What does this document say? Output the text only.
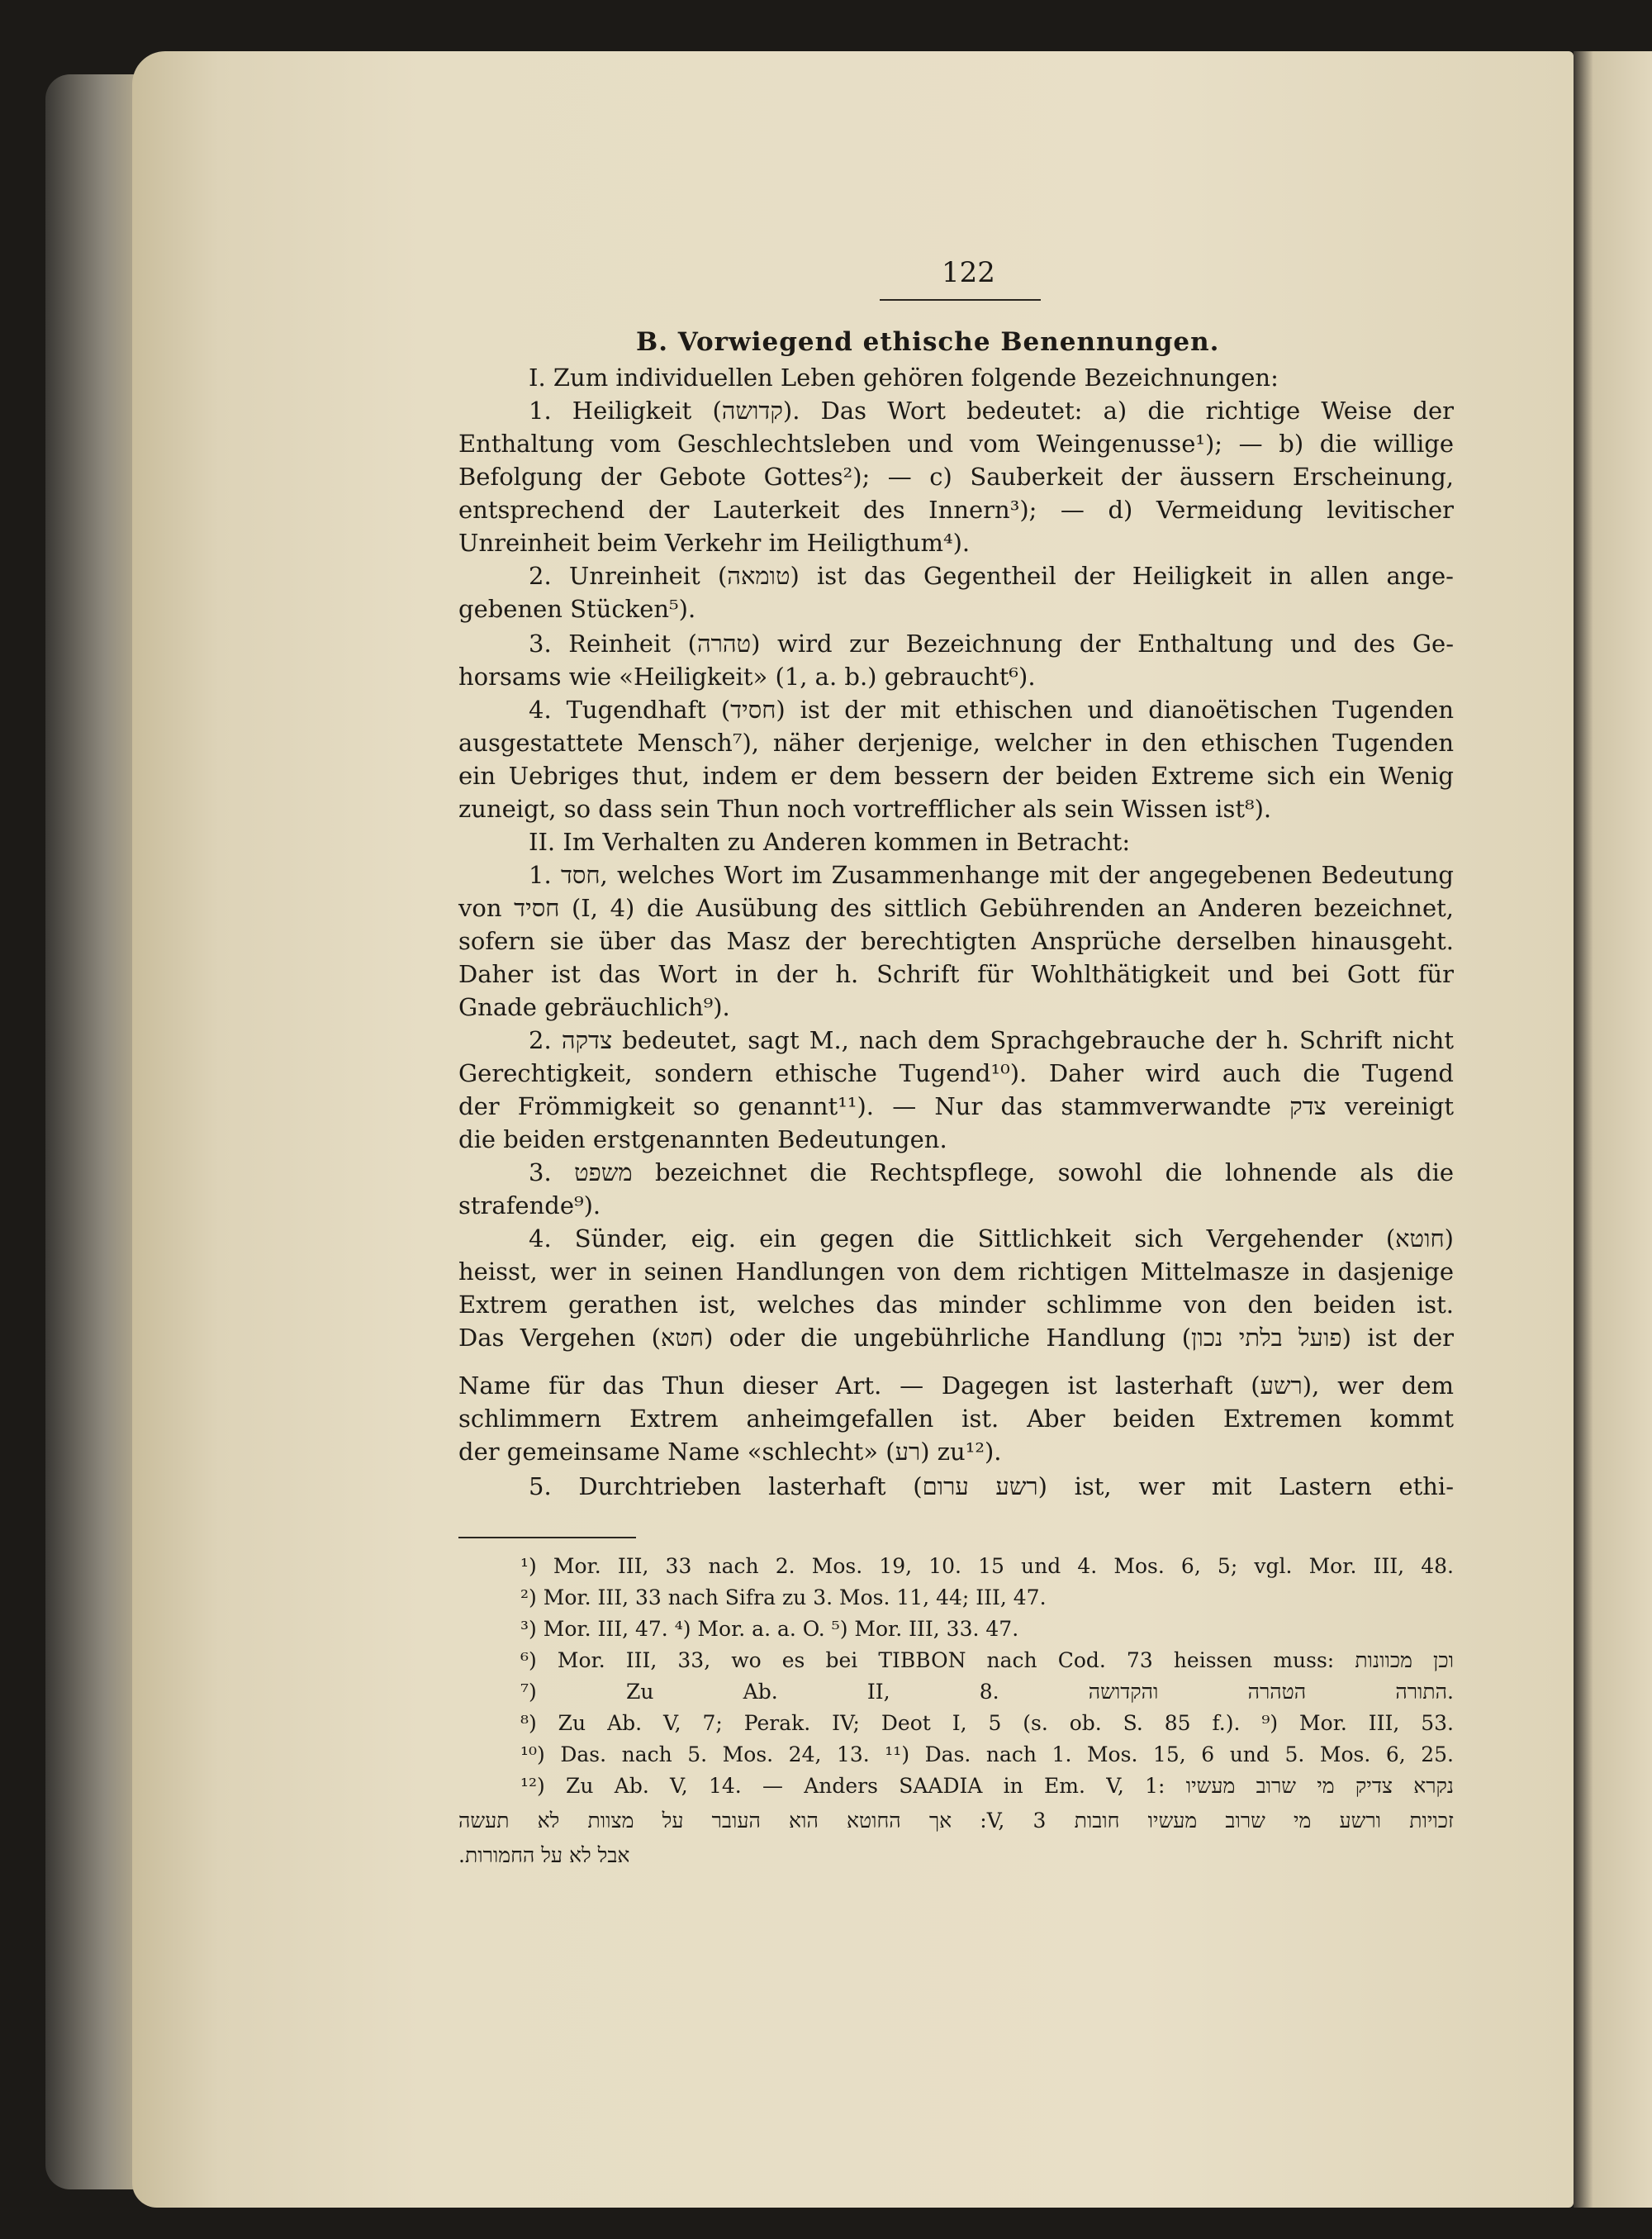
122
B. Vorwiegend ethische Benennungen.
I. Zum individuellen Leben gehören folgende Bezeichnungen:
1. Heiligkeit (קדושה). Das Wort bedeutet: a) die richtige Weise der
Enthaltung vom Geschlechtsleben und vom Weingenusse¹); — b) die willige
Befolgung der Gebote Gottes²); — c) Sauberkeit der äussern Erscheinung,
entsprechend der Lauterkeit des Innern³); — d) Vermeidung levitischer
Unreinheit beim Verkehr im Heiligthum⁴).
2. Unreinheit (טומאה) ist das Gegentheil der Heiligkeit in allen ange-
gebenen Stücken⁵).
3. Reinheit (טהרה) wird zur Bezeichnung der Enthaltung und des Ge-
horsams wie «Heiligkeit» (1, a. b.) gebraucht⁶).
4. Tugendhaft (חסיד) ist der mit ethischen und dianoëtischen Tugenden
ausgestattete Mensch⁷), näher derjenige, welcher in den ethischen Tugenden
ein Uebriges thut, indem er dem bessern der beiden Extreme sich ein Wenig
zuneigt, so dass sein Thun noch vortrefflicher als sein Wissen ist⁸).
II. Im Verhalten zu Anderen kommen in Betracht:
1. חסד, welches Wort im Zusammenhange mit der angegebenen Bedeutung
von חסיד (I, 4) die Ausübung des sittlich Gebührenden an Anderen bezeichnet,
sofern sie über das Masz der berechtigten Ansprüche derselben hinausgeht.
Daher ist das Wort in der h. Schrift für Wohlthätigkeit und bei Gott für
Gnade gebräuchlich⁹).
2. צדקה bedeutet, sagt M., nach dem Sprachgebrauche der h. Schrift nicht
Gerechtigkeit, sondern ethische Tugend¹⁰). Daher wird auch die Tugend
der Frömmigkeit so genannt¹¹). — Nur das stammverwandte צדק vereinigt
die beiden erstgenannten Bedeutungen.
3. משפט bezeichnet die Rechtspflege, sowohl die lohnende als die
strafende⁹).
4. Sünder, eig. ein gegen die Sittlichkeit sich Vergehender (חוטא)
heisst, wer in seinen Handlungen von dem richtigen Mittelmasze in dasjenige
Extrem gerathen ist, welches das minder schlimme von den beiden ist.
Das Vergehen (חטא) oder die ungebührliche Handlung (פועל בלתי נכון) ist der
Name für das Thun dieser Art. — Dagegen ist lasterhaft (רשע), wer dem
schlimmern Extrem anheimgefallen ist. Aber beiden Extremen kommt
der gemeinsame Name «schlecht» (רע) zu¹²).
5. Durchtrieben lasterhaft (רשע ערום) ist, wer mit Lastern ethi-
¹) Mor. III, 33 nach 2. Mos. 19, 10. 15 und 4. Mos. 6, 5; vgl. Mor. III, 48.
²) Mor. III, 33 nach Sifra zu 3. Mos. 11, 44; III, 47.
³) Mor. III, 47. ⁴) Mor. a. a. O. ⁵) Mor. III, 33. 47.
⁶) Mor. III, 33, wo es bei TIBBON nach Cod. 73 heissen muss: וכן מכוונות
⁷) Zu Ab. II, 8. התורה הטהרה והקדושה.
⁸) Zu Ab. V, 7; Perak. IV; Deot I, 5 (s. ob. S. 85 f.). ⁹) Mor. III, 53.
¹⁰) Das. nach 5. Mos. 24, 13. ¹¹) Das. nach 1. Mos. 15, 6 und 5. Mos. 6, 25.
¹²) Zu Ab. V, 14. — Anders SAADIA in Em. V, 1: נקרא צדיק מי שרוב מעשיו
זכויות ורשע מי שרוב מעשיו חובות V, 3: אך החוטא הוא העובר על מצוות לא תעשה
אבל לא על החמורות.
